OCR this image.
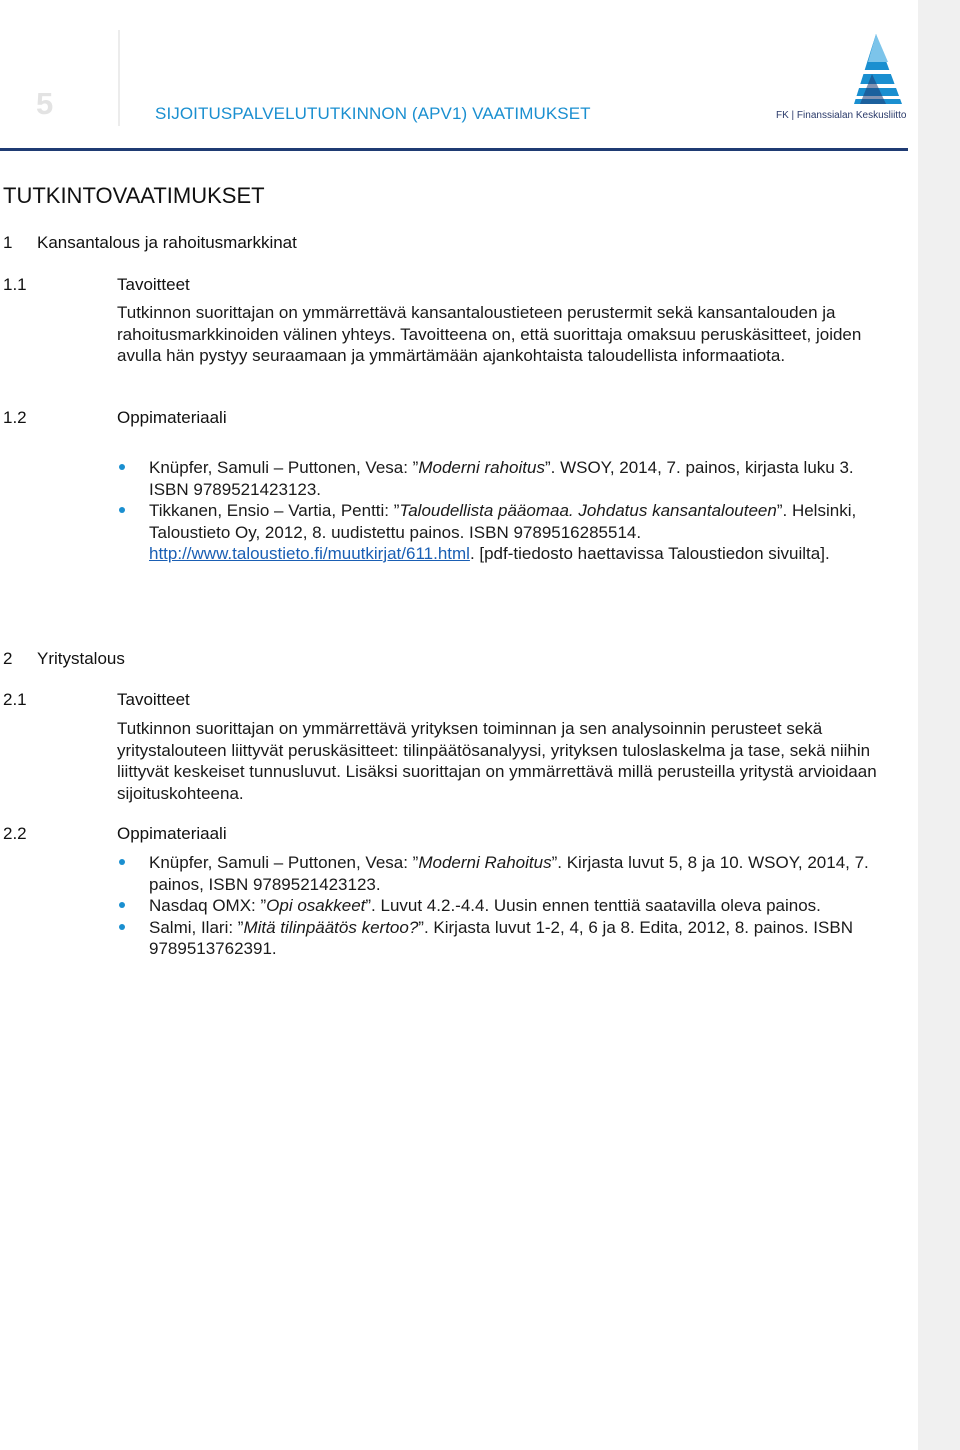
5	SIJOITUSPALVELUTUTKINNON (APV1) VAATIMUKSET	FK | Finanssialan Keskusliitto
TUTKINTOVAATIMUKSET
1 Kansantalous ja rahoitusmarkkinat
1.1	Tavoitteet

Tutkinnon suorittajan on ymmärrettävä kansantaloustieteen perustermit sekä kansantalouden ja rahoitusmarkkinoiden välinen yhteys. Tavoitteena on, että suorittaja omaksuu peruskäsitteet, joiden avulla hän pystyy seuraamaan ja ymmärtämään ajankohtaista taloudellista informaatiota.

1.2	Oppimateriaali
Knüpfer, Samuli – Puttonen, Vesa: ”Moderni rahoitus”. WSOY, 2014, 7. painos, kirjasta luku 3. ISBN 9789521423123.
Tikkanen, Ensio – Vartia, Pentti: ”Taloudellista pääomaa. Johdatus kansantalouteen”. Helsinki, Taloustieto Oy, 2012, 8. uudistettu painos. ISBN 9789516285514. http://www.taloustieto.fi/muutkirjat/611.html. [pdf-tiedosto haettavissa Taloustiedon sivuilta].
2 Yritystalous
2.1	Tavoitteet

Tutkinnon suorittajan on ymmärrettävä yrityksen toiminnan ja sen analysoinnin perusteet sekä yritystalouteen liittyvät peruskäsitteet: tilinpäätösanalyysi, yrityksen tuloslaskelma ja tase, sekä niihin liittyvät keskeiset tunnusluvut. Lisäksi suorittajan on ymmärrettävä millä perusteilla yritystä arvioidaan sijoituskohteena.

2.2	Oppimateriaali
Knüpfer, Samuli – Puttonen, Vesa: ”Moderni Rahoitus”. Kirjasta luvut 5, 8 ja 10. WSOY, 2014, 7. painos, ISBN 9789521423123.
Nasdaq OMX: ”Opi osakkeet”. Luvut 4.2.-4.4. Uusin ennen tenttiä saatavilla oleva painos.
Salmi, Ilari: ”Mitä tilinpäätös kertoo?”. Kirjasta luvut 1-2, 4, 6 ja 8. Edita, 2012, 8. painos. ISBN 9789513762391.
